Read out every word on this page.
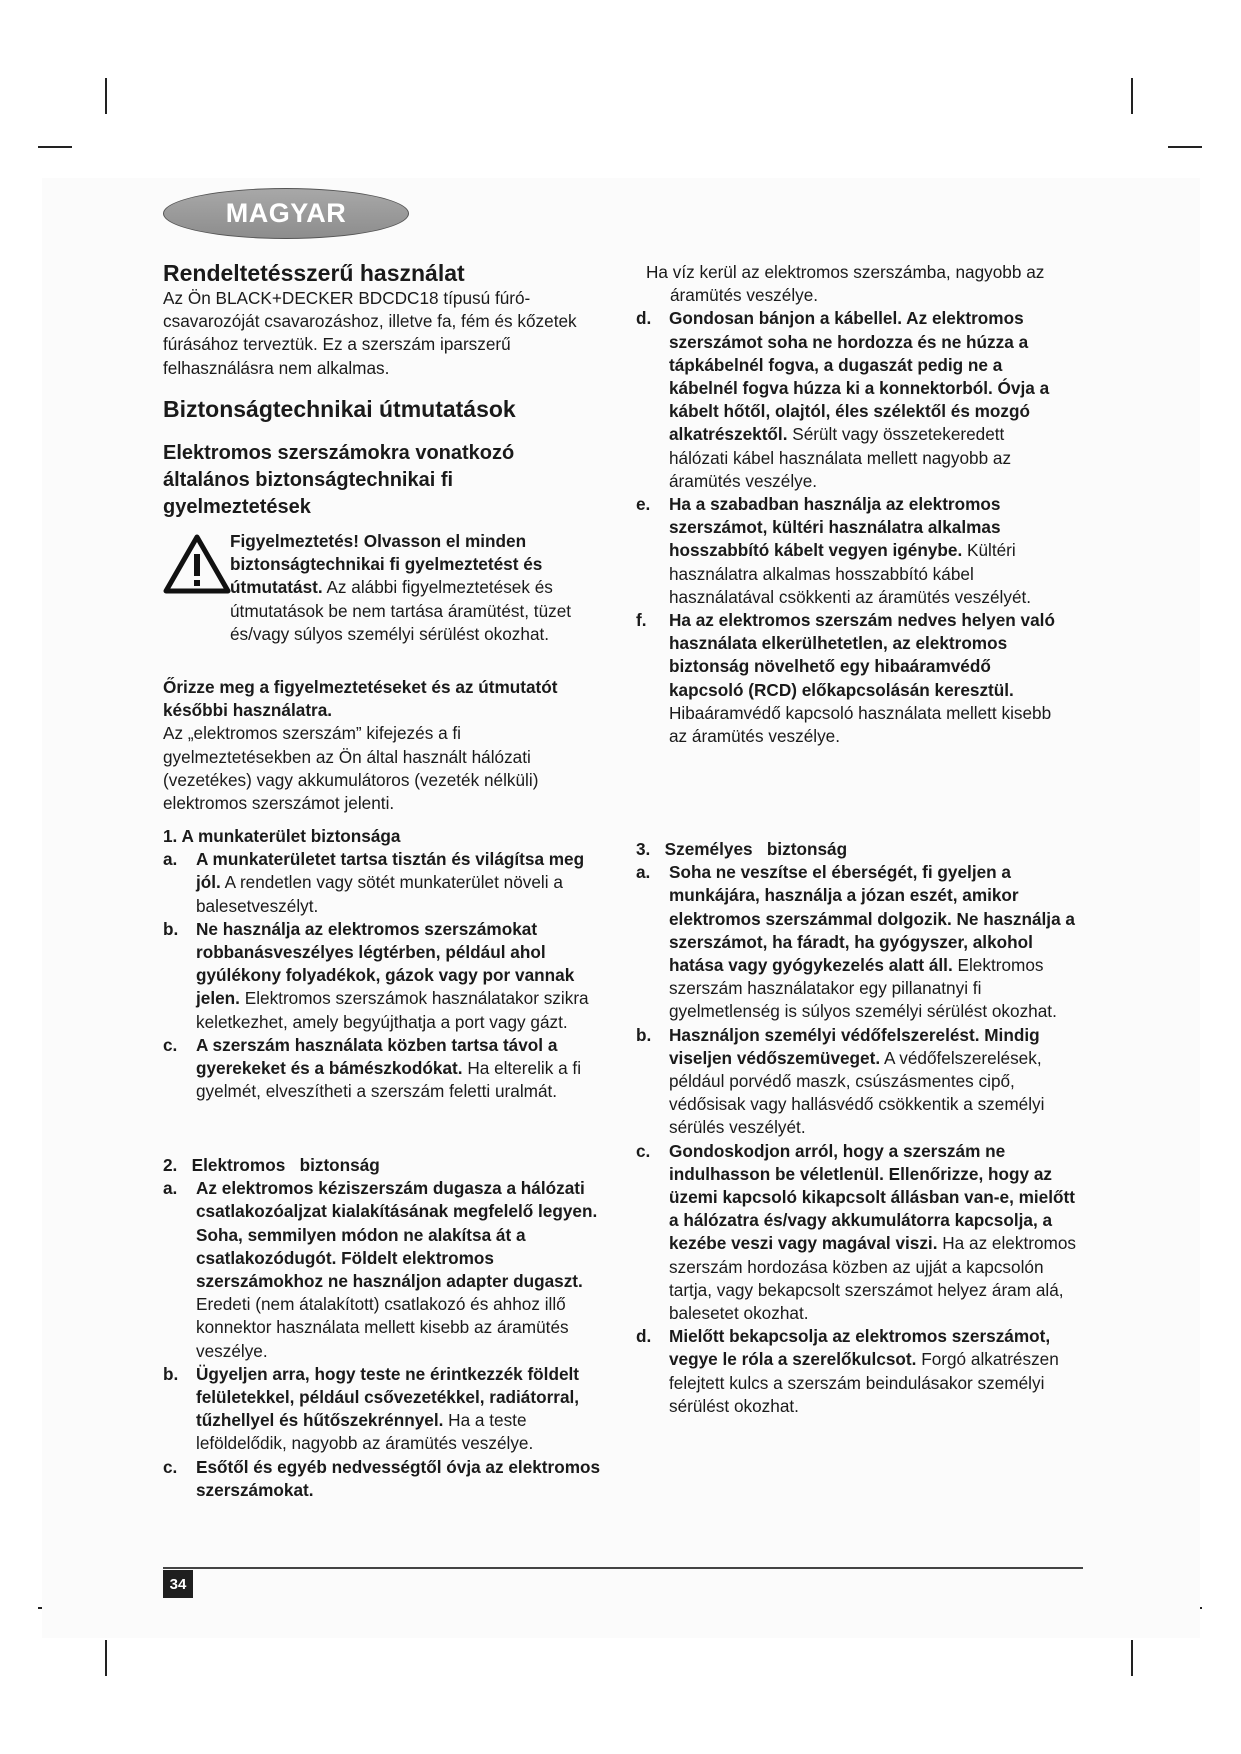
MAGYAR
Rendeltetésszerű használat
Az Ön BLACK+DECKER BDCDC18 típusú fúró-csavarozóját csavarozáshoz, illetve fa, fém és kőzetek fúrásához terveztük. Ez a szerszám iparszerű felhasználásra nem alkalmas.
Biztonságtechnikai útmutatások
Elektromos szerszámokra vonatkozó általános biztonságtechnikai fi gyelmeztetések
Figyelmeztetés! Olvasson el minden biztonságtechnikai fi gyelmeztetést és útmutatást. Az alábbi figyelmeztetések és útmutatások be nem tartása áramütést, tüzet és/vagy súlyos személyi sérülést okozhat.
Őrizze meg a figyelmeztetéseket és az útmutatót későbbi használatra.
Az „elektromos szerszám” kifejezés a fi gyelmeztetésekben az Ön által használt hálózati (vezetékes) vagy akkumulátoros (vezeték nélküli) elektromos szerszámot jelenti.
1. A munkaterület biztonsága
a. A munkaterületet tartsa tisztán és világítsa meg jól. A rendetlen vagy sötét munkaterület növeli a balesetveszélyt.
b. Ne használja az elektromos szerszámokat robbanásveszélyes légtérben, például ahol gyúlékony folyadékok, gázok vagy por vannak jelen. Elektromos szerszámok használatakor szikra keletkezhet, amely begyújthatja a port vagy gázt.
c. A szerszám használata közben tartsa távol a gyerekeket és a bámészkodókat. Ha elterelik a fi gyelmét, elveszítheti a szerszám feletti uralmát.
2.   Elektromos   biztonság
a. Az elektromos kéziszerszám dugasza a hálózati csatlakozóaljzat kialakításának megfelelő legyen. Soha, semmilyen módon ne alakítsa át a csatlakozódugót. Földelt elektromos szerszámokhoz ne használjon adapter dugaszt. Eredeti (nem átalakított) csatlakozó és ahhoz illő konnektor használata mellett kisebb az áramütés veszélye.
b. Ügyeljen arra, hogy teste ne érintkezzék földelt felületekkel, például csővezetékkel, radiátorral, tűzhellyel és hűtőszekrénnyel. Ha a teste leföldelődik, nagyobb az áramütés veszélye.
c. Esőtől és egyéb nedvességtől óvja az elektromos szerszámokat.
Ha víz kerül az elektromos szerszámba, nagyobb az áramütés veszélye.
d. Gondosan bánjon a kábellel. Az elektromos szerszámot soha ne hordozza és ne húzza a tápkábelnél fogva, a dugaszát pedig ne a kábelnél fogva húzza ki a konnektorból. Óvja a kábelt hőtől, olajtól, éles szélektől és mozgó alkatrészektől. Sérült vagy összetekeredett hálózati kábel használata mellett nagyobb az áramütés veszélye.
e. Ha a szabadban használja az elektromos szerszámot, kültéri használatra alkalmas hosszabbító kábelt vegyen igénybe. Kültéri használatra alkalmas hosszabbító kábel használatával csökkenti az áramütés veszélyét.
f. Ha az elektromos szerszám nedves helyen való használata elkerülhetetlen, az elektromos biztonság növelhető egy hibaáramvédő kapcsoló (RCD) előkapcsolásán keresztül. Hibaáramvédő kapcsoló használata mellett kisebb az áramütés veszélye.
3.   Személyes   biztonság
a. Soha ne veszítse el éberségét, fi gyeljen a munkájára, használja a józan eszét, amikor elektromos szerszámmal dolgozik. Ne használja a szerszámot, ha fáradt, ha gyógyszer, alkohol hatása vagy gyógykezelés alatt áll. Elektromos szerszám használatakor egy pillanatnyi fi gyelmetlenség is súlyos személyi sérülést okozhat.
b. Használjon személyi védőfelszerelést. Mindig viseljen védőszemüveget. A védőfelszerelések, például porvédő maszk, csúszásmentes cipő, védősisak vagy hallásvédő csökkentik a személyi sérülés veszélyét.
c. Gondoskodjon arról, hogy a szerszám ne indulhasson be véletlenül. Ellenőrizze, hogy az üzemi kapcsoló kikapcsolt állásban van-e, mielőtt a hálózatra és/vagy akkumulátorra kapcsolja, a kezébe veszi vagy magával viszi. Ha az elektromos szerszám hordozása közben az ujját a kapcsolón tartja, vagy bekapcsolt szerszámot helyez áram alá, balesetet okozhat.
d. Mielőtt bekapcsolja az elektromos szerszámot, vegye le róla a szerelőkulcsot. Forgó alkatrészen felejtett kulcs a szerszám beindulásakor személyi sérülést okozhat.
34
